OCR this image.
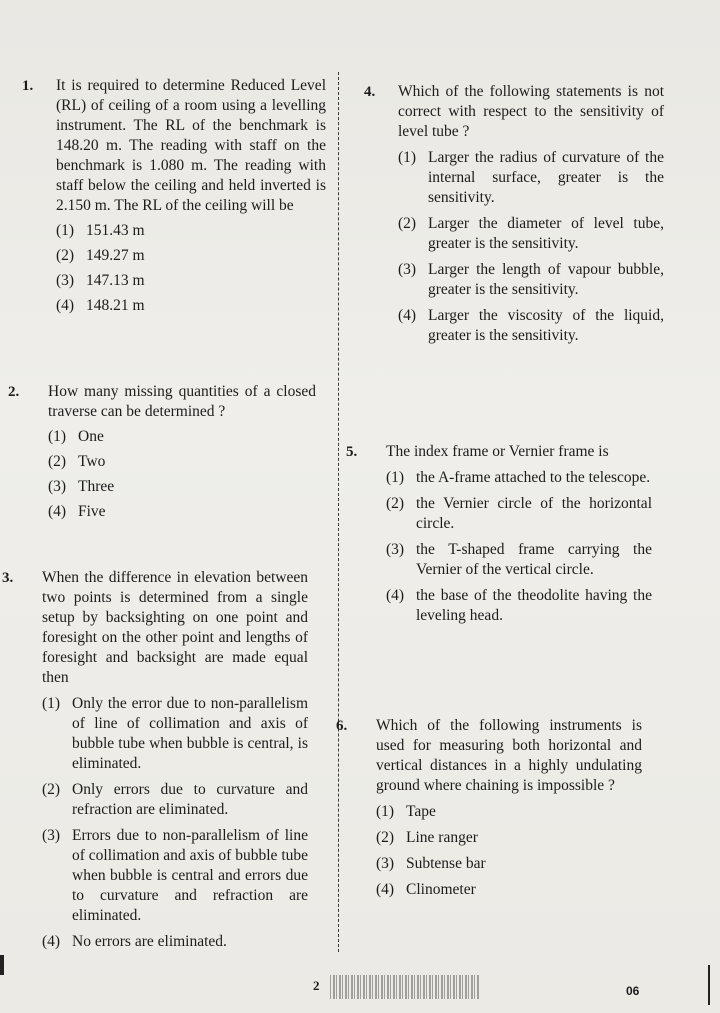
1. It is required to determine Reduced Level (RL) of ceiling of a room using a levelling instrument. The RL of the benchmark is 148.20 m. The reading with staff on the benchmark is 1.080 m. The reading with staff below the ceiling and held inverted is 2.150 m. The RL of the ceiling will be
(1) 151.43 m
(2) 149.27 m
(3) 147.13 m
(4) 148.21 m
2. How many missing quantities of a closed traverse can be determined ?
(1) One
(2) Two
(3) Three
(4) Five
3. When the difference in elevation between two points is determined from a single setup by backsighting on one point and foresight on the other point and lengths of foresight and backsight are made equal then
(1) Only the error due to non-parallelism of line of collimation and axis of bubble tube when bubble is central, is eliminated.
(2) Only errors due to curvature and refraction are eliminated.
(3) Errors due to non-parallelism of line of collimation and axis of bubble tube when bubble is central and errors due to curvature and refraction are eliminated.
(4) No errors are eliminated.
4. Which of the following statements is not correct with respect to the sensitivity of level tube ?
(1) Larger the radius of curvature of the internal surface, greater is the sensitivity.
(2) Larger the diameter of level tube, greater is the sensitivity.
(3) Larger the length of vapour bubble, greater is the sensitivity.
(4) Larger the viscosity of the liquid, greater is the sensitivity.
5. The index frame or Vernier frame is
(1) the A-frame attached to the telescope.
(2) the Vernier circle of the horizontal circle.
(3) the T-shaped frame carrying the Vernier of the vertical circle.
(4) the base of the theodolite having the leveling head.
6. Which of the following instruments is used for measuring both horizontal and vertical distances in a highly undulating ground where chaining is impossible ?
(1) Tape
(2) Line ranger
(3) Subtense bar
(4) Clinometer
2	06
